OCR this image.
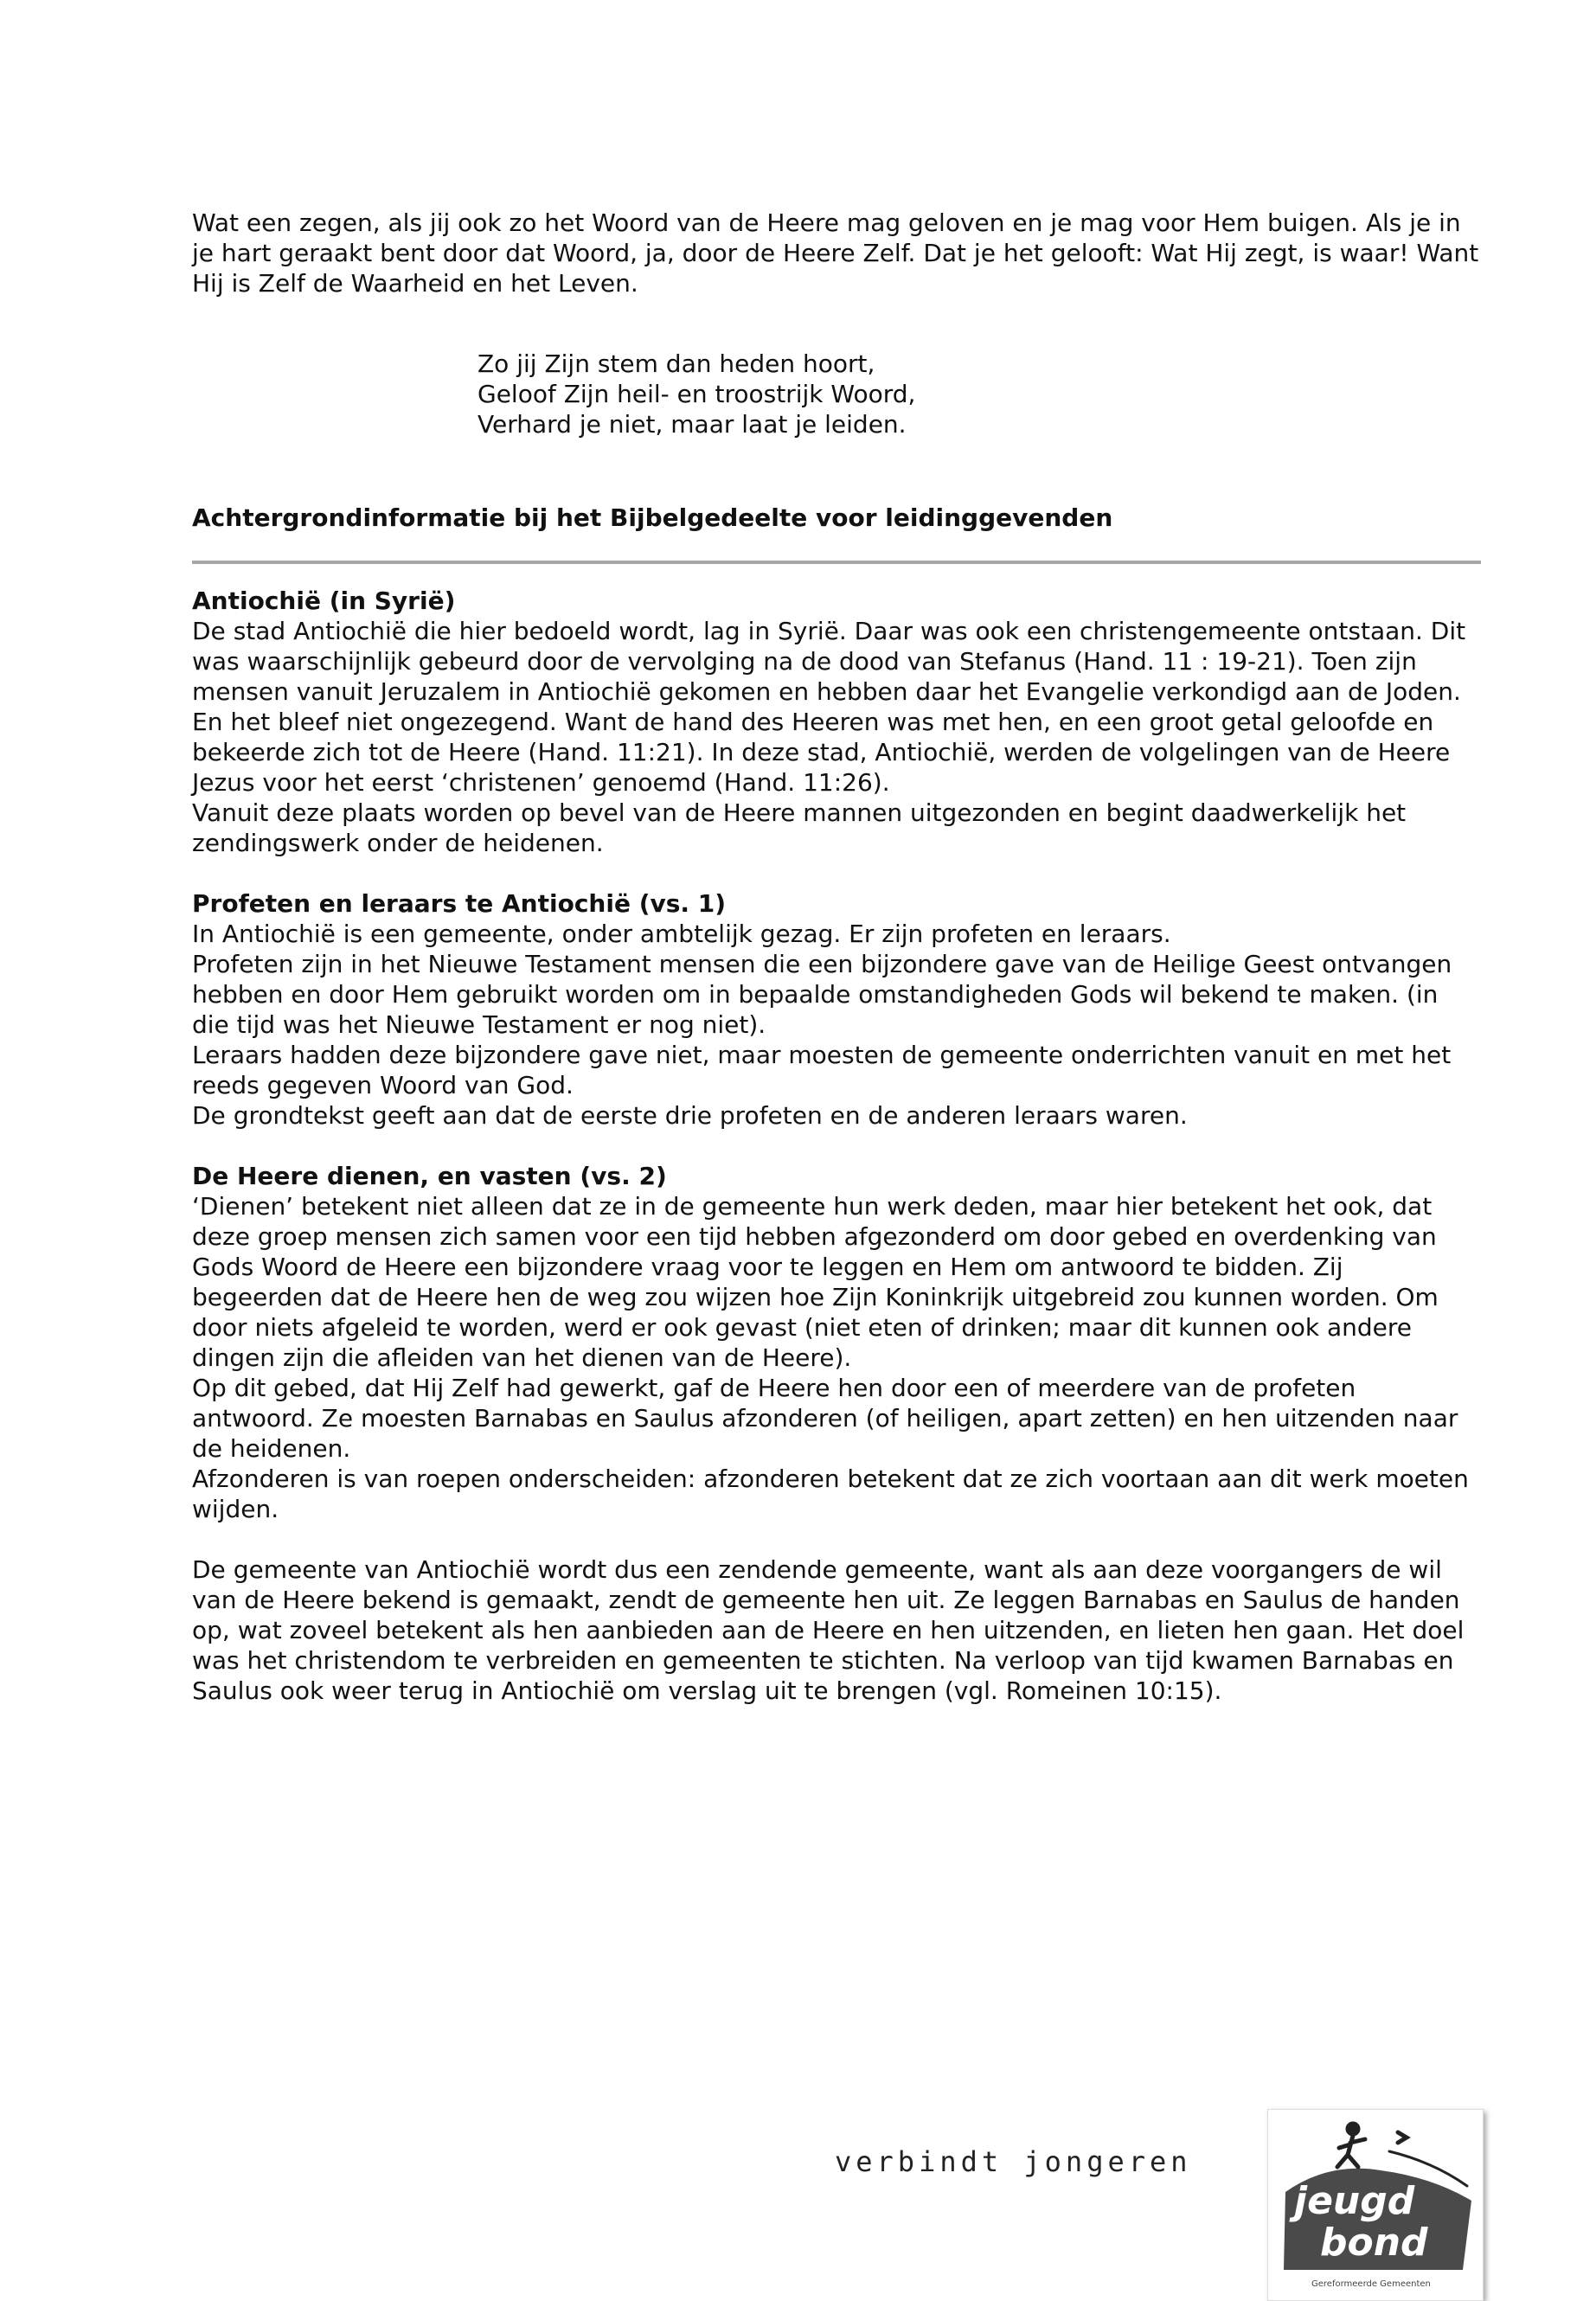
Wat een zegen, als jij ook zo het Woord van de Heere mag geloven en je mag voor Hem buigen. Als je in je hart geraakt bent door dat Woord, ja, door de Heere Zelf. Dat je het gelooft: Wat Hij zegt, is waar! Want Hij is Zelf de Waarheid en het Leven.

Zo jij Zijn stem dan heden hoort,
Geloof Zijn heil- en troostrijk Woord,
Verhard je niet, maar laat je leiden.
Achtergrondinformatie bij het Bijbelgedeelte voor leidinggevenden
Antiochië (in Syrië)

De stad Antiochië die hier bedoeld wordt, lag in Syrië. Daar was ook een christengemeente ontstaan. Dit was waarschijnlijk gebeurd door de vervolging na de dood van Stefanus (Hand. 11 : 19-21). Toen zijn mensen vanuit Jeruzalem in Antiochië gekomen en hebben daar het Evangelie verkondigd aan de Joden. En het bleef niet ongezegend. Want de hand des Heeren was met hen, en een groot getal geloofde en bekeerde zich tot de Heere (Hand. 11:21). In deze stad, Antiochië, werden de volgelingen van de Heere Jezus voor het eerst ‘christenen’ genoemd (Hand. 11:26).

Vanuit deze plaats worden op bevel van de Heere mannen uitgezonden en begint daadwerkelijk het zendingswerk onder de heidenen.

Profeten en leraars te Antiochië (vs. 1)

In Antiochië is een gemeente, onder ambtelijk gezag. Er zijn profeten en leraars.

Profeten zijn in het Nieuwe Testament mensen die een bijzondere gave van de Heilige Geest ontvangen hebben en door Hem gebruikt worden om in bepaalde omstandigheden Gods wil bekend te maken. (in die tijd was het Nieuwe Testament er nog niet).

Leraars hadden deze bijzondere gave niet, maar moesten de gemeente onderrichten vanuit en met het reeds gegeven Woord van God.

De grondtekst geeft aan dat de eerste drie profeten en de anderen leraars waren.

De Heere dienen, en vasten (vs. 2)

‘Dienen’ betekent niet alleen dat ze in de gemeente hun werk deden, maar hier betekent het ook, dat deze groep mensen zich samen voor een tijd hebben afgezonderd om door gebed en overdenking van Gods Woord de Heere een bijzondere vraag voor te leggen en Hem om antwoord te bidden. Zij begeerden dat de Heere hen de weg zou wijzen hoe Zijn Koninkrijk uitgebreid zou kunnen worden. Om door niets afgeleid te worden, werd er ook gevast (niet eten of drinken; maar dit kunnen ook andere dingen zijn die afleiden van het dienen van de Heere).

Op dit gebed, dat Hij Zelf had gewerkt, gaf de Heere hen door een of meerdere van de profeten antwoord. Ze moesten Barnabas en Saulus afzonderen (of heiligen, apart zetten) en hen uitzenden naar de heidenen.

Afzonderen is van roepen onderscheiden: afzonderen betekent dat ze zich voortaan aan dit werk moeten wijden.

De gemeente van Antiochië wordt dus een zendende gemeente, want als aan deze voorgangers de wil van de Heere bekend is gemaakt, zendt de gemeente hen uit. Ze leggen Barnabas en Saulus de handen op, wat zoveel betekent als hen aanbieden aan de Heere en hen uitzenden, en lieten hen gaan. Het doel was het christendom te verbreiden en gemeenten te stichten. Na verloop van tijd kwamen Barnabas en Saulus ook weer terug in Antiochië om verslag uit te brengen (vgl. Romeinen 10:15).

verbindt jongeren
jeugd
bond
Gereformeerde Gemeenten
